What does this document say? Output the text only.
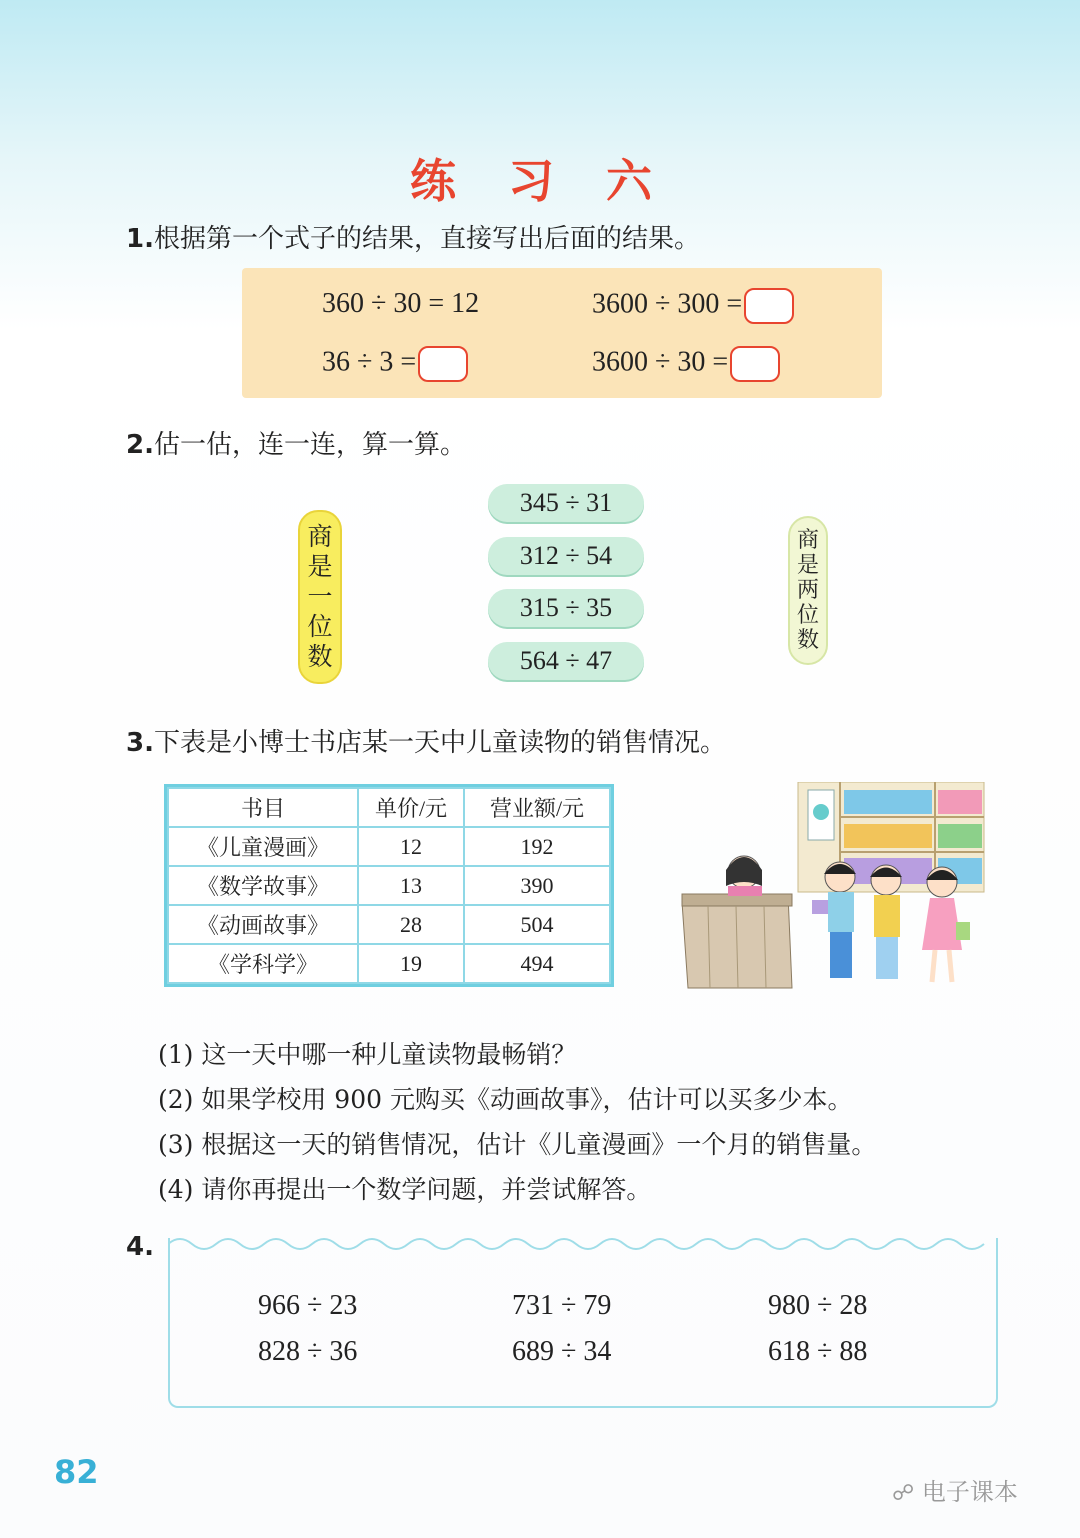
练 习 六
1.根据第一个式子的结果，直接写出后面的结果。
360 ÷ 30 = 12	3600 ÷ 300 =
36 ÷ 3 =	3600 ÷ 30 =
2.估一估，连一连，算一算。
商是一位数
商是两位数
345 ÷ 31
312 ÷ 54
315 ÷ 35
564 ÷ 47
3.下表是小博士书店某一天中儿童读物的销售情况。
书目	单价/元	营业额/元
《儿童漫画》	12	192
《数学故事》	13	390
《动画故事》	28	504
《学科学》	19	494
(1) 这一天中哪一种儿童读物最畅销？
(2) 如果学校用 900 元购买《动画故事》，估计可以买多少本。
(3) 根据这一天的销售情况，估计《儿童漫画》一个月的销售量。
(4) 请你再提出一个数学问题，并尝试解答。
4.
966 ÷ 23	731 ÷ 79	980 ÷ 28
828 ÷ 36	689 ÷ 34	618 ÷ 88
82
☍ 电子课本
